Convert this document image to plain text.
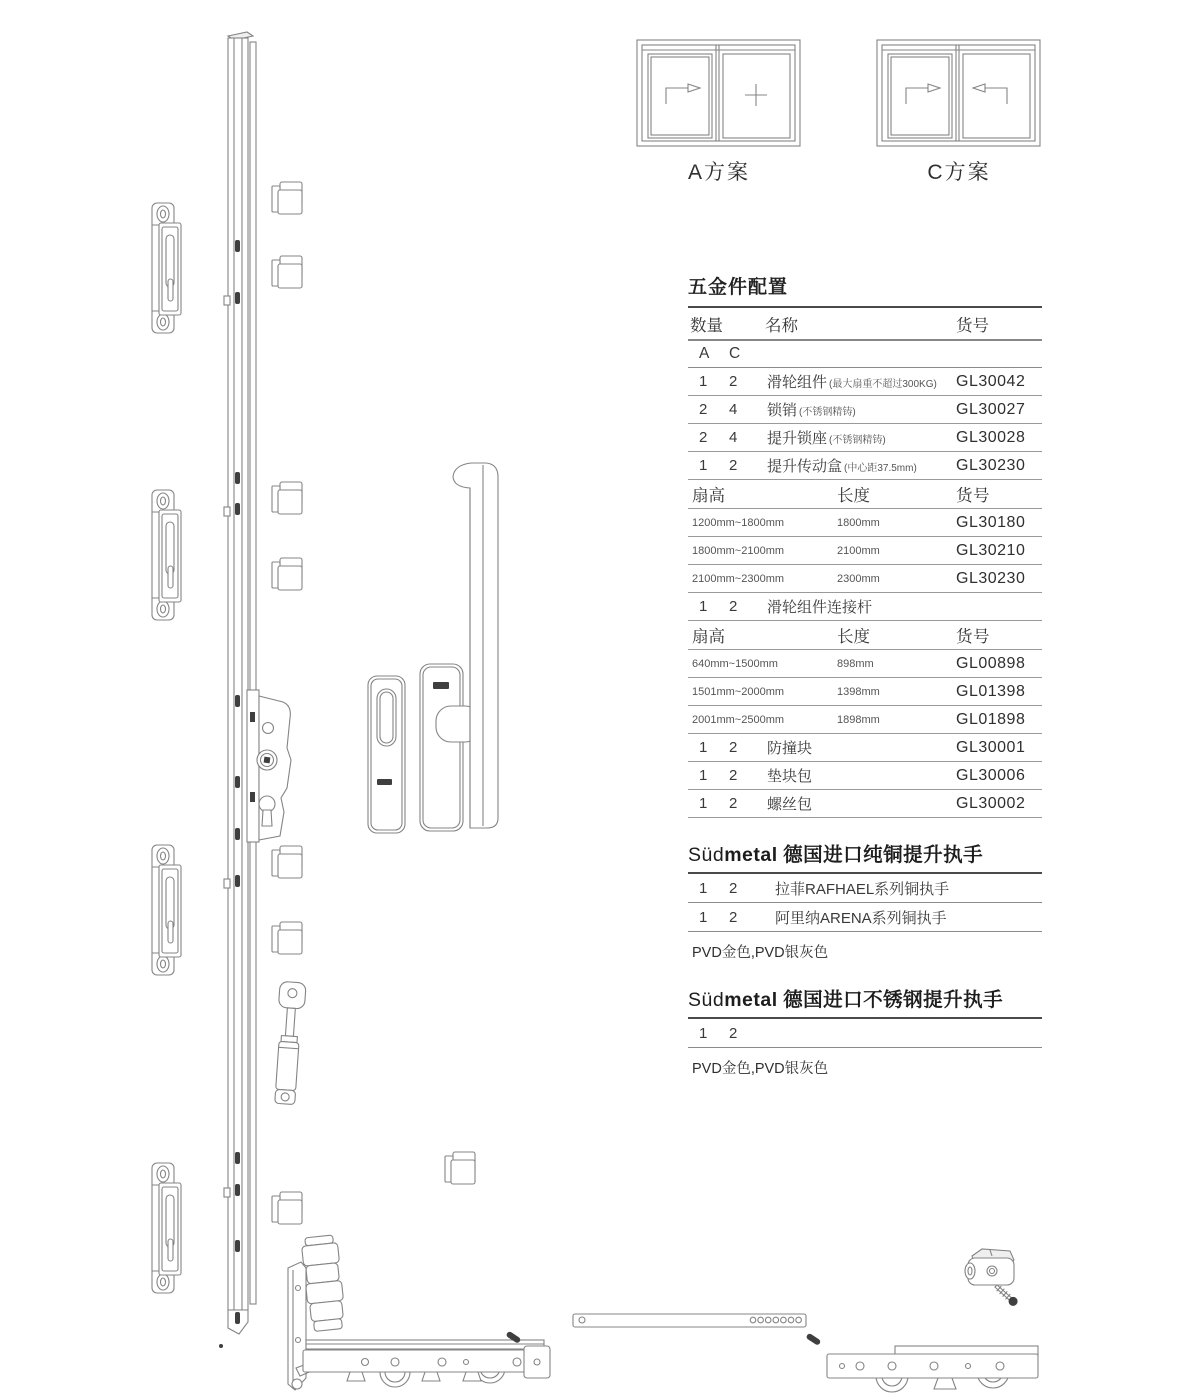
A方案	C方案
五金件配置
数量	名称	货号
A	C
1	2	滑轮组件 (最大扇重不超过300KG)	GL30042
2	4	锁销 (不锈钢精铸)	GL30027
2	4	提升锁座 (不锈钢精铸)	GL30028
1	2	提升传动盒 (中心距37.5mm)	GL30230
扇高	长度	货号
1200mm~1800mm	1800mm	GL30180
1800mm~2100mm	2100mm	GL30210
2100mm~2300mm	2300mm	GL30230
1	2	滑轮组件连接杆
扇高	长度	货号
640mm~1500mm	898mm	GL00898
1501mm~2000mm	1398mm	GL01398
2001mm~2500mm	1898mm	GL01898
1	2	防撞块	GL30001
1	2	垫块包	GL30006
1	2	螺丝包	GL30002
Südmetal 德国进口纯铜提升执手
1	2	拉菲RAFHAEL系列铜执手
1	2	阿里纳ARENA系列铜执手
PVD金色,PVD银灰色
Südmetal 德国进口不锈钢提升执手
1	2
PVD金色,PVD银灰色
